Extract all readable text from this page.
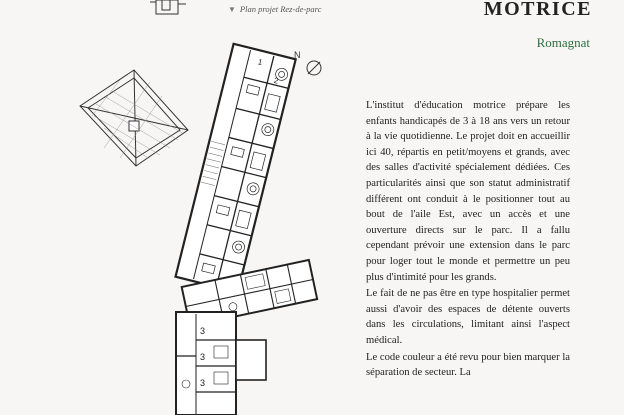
1
2
3
3
3
N
▼ Plan projet Rez-de-parc	MOTRICE
Romagnat

L'institut d'éducation motrice prépare les enfants handicapés de 3 à 18 ans vers un retour à la vie quotidienne. Le projet doit en accueillir ici 40, répartis en petit/moyens et grands, avec des salles d'activité spécialement dédiées. Ces particularités ainsi que son statut administratif différent ont conduit à le positionner tout au bout de l'aile Est, avec un accès et une ouverture directs sur le parc. Il a fallu cependant prévoir une extension dans le parc pour loger tout le monde et permettre un peu plus d'intimité pour les grands.

Le fait de ne pas être en type hospitalier permet aussi d'avoir des espaces de détente ouverts dans les circulations, limitant ainsi l'aspect médical.

Le code couleur a été revu pour bien marquer la séparation de secteur. La
